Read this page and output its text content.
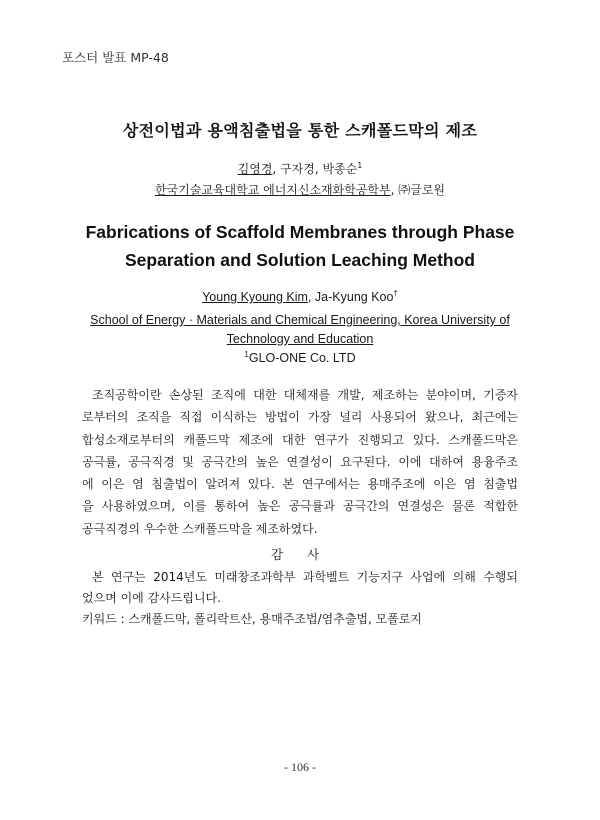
포스터 발표 MP-48
상전이법과 용액침출법을 통한 스캐폴드막의 제조
김영경, 구자경, 박종순$^1$
한국기술교육대학교 에너지신소재화학공학부, ㈜글로원
Fabrications of Scaffold Membranes through Phase
Separation and Solution Leaching Method
Young Kyoung Kim, Ja-Kyung Koo†
School of Energy · Materials and Chemical Engineering, Korea University of
Technology and Education
$^1$GLO-ONE Co. LTD
조직공학이란 손상된 조직에 대한 대체재를 개발, 제조하는 분야이며, 기증자
로부터의 조직을 직접 이식하는 방법이 가장 널리 사용되어 왔으나, 최근에는
합성소재로부터의 캐폴드막 제조에 대한 연구가 진행되고 있다. 스캐폴드막은
공극률, 공극직경 및 공극간의 높은 연결성이 요구된다. 이에 대하여 용융주조
에 이은 염 침출법이 알려져 있다. 본 연구에서는 용매주조에 이은 염 침출법
을 사용하였으며, 이를 통하여 높은 공극률과 공극간의 연결성은 물론 적합한
공극직경의 우수한 스캐폴드막을 제조하였다.
감 사
본 연구는 2014년도 미래창조과학부 과학벨트 기능지구 사업에 의해 수행되
었으며 이에 감사드립니다.
키워드 : 스캐폴드막, 폴리락트산, 용매주조법/염추출법, 모폴로지
- 106 -
